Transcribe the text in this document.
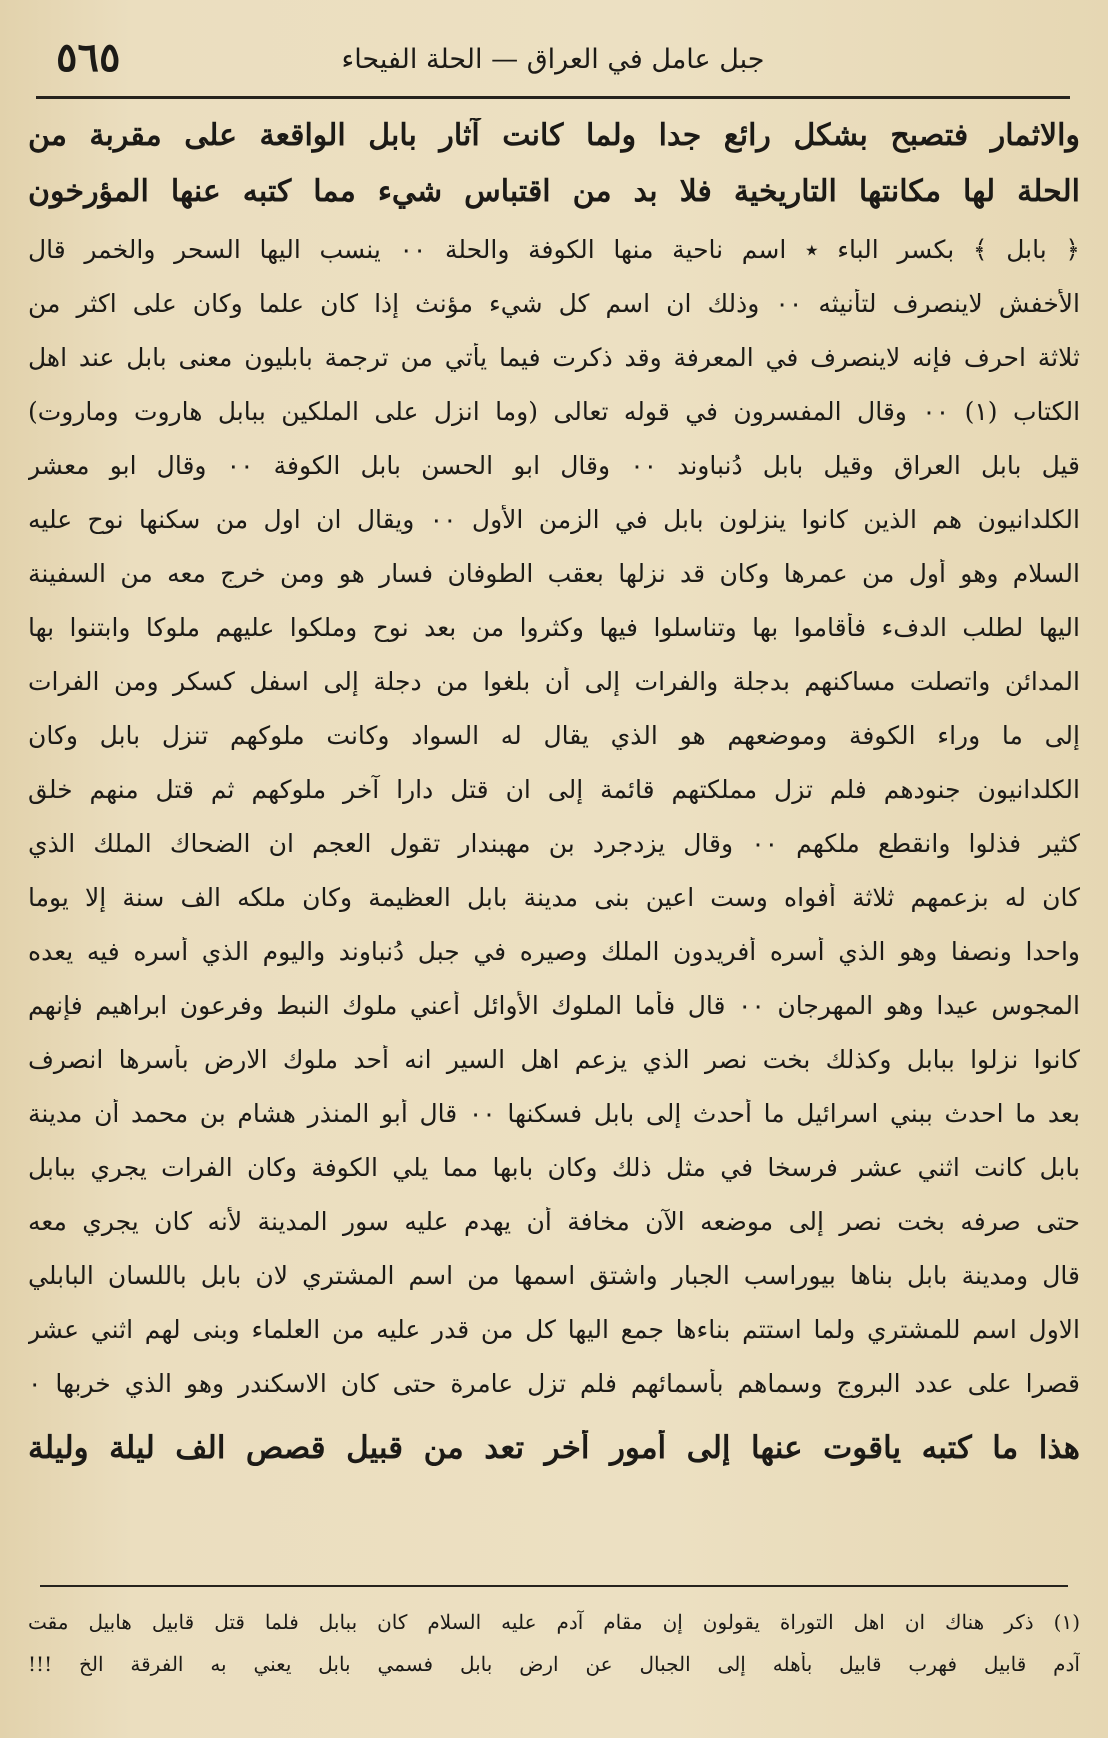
جبل عامل في العراق — الحلة الفيحاء
٥٦٥
والاثمار فتصبح بشكل رائع جدا ولما كانت آثار بابل الواقعة على مقربة من
الحلة لها مكانتها التاريخية فلا بد من اقتباس شيء مما كتبه عنها المؤرخون
﴿ بابل ﴾ بكسر الباء ٭ اسم ناحية منها الكوفة والحلة ٠٠ ينسب اليها السحر والخمر قال
الأخفش لاينصرف لتأنيثه ٠٠ وذلك ان اسم كل شيء مؤنث إذا كان علما وكان على اكثر من
ثلاثة احرف فإنه لاينصرف في المعرفة وقد ذكرت فيما يأتي من ترجمة بابليون معنى بابل عند اهل
الكتاب (١) ٠٠ وقال المفسرون في قوله تعالى (وما انزل على الملكين ببابل هاروت وماروت)
قيل بابل العراق وقيل بابل دُنباوند ٠٠ وقال ابو الحسن بابل الكوفة ٠٠ وقال ابو معشر
الكلدانيون هم الذين كانوا ينزلون بابل في الزمن الأول ٠٠ ويقال ان اول من سكنها نوح عليه
السلام وهو أول من عمرها وكان قد نزلها بعقب الطوفان فسار هو ومن خرج معه من السفينة
اليها لطلب الدفء فأقاموا بها وتناسلوا فيها وكثروا من بعد نوح وملكوا عليهم ملوكا وابتنوا بها
المدائن واتصلت مساكنهم بدجلة والفرات إلى أن بلغوا من دجلة إلى اسفل كسكر ومن الفرات
إلى ما وراء الكوفة وموضعهم هو الذي يقال له السواد وكانت ملوكهم تنزل بابل وكان
الكلدانيون جنودهم فلم تزل مملكتهم قائمة إلى ان قتل دارا آخر ملوكهم ثم قتل منهم خلق
كثير فذلوا وانقطع ملكهم ٠٠ وقال يزدجرد بن مهبندار تقول العجم ان الضحاك الملك الذي
كان له بزعمهم ثلاثة أفواه وست اعين بنى مدينة بابل العظيمة وكان ملكه الف سنة إلا يوما
واحدا ونصفا وهو الذي أسره أفريدون الملك وصيره في جبل دُنباوند واليوم الذي أسره فيه يعده
المجوس عيدا وهو المهرجان ٠٠ قال فأما الملوك الأوائل أعني ملوك النبط وفرعون ابراهيم فإنهم
كانوا نزلوا ببابل وكذلك بخت نصر الذي يزعم اهل السير انه أحد ملوك الارض بأسرها انصرف
بعد ما احدث ببني اسرائيل ما أحدث إلى بابل فسكنها ٠٠ قال أبو المنذر هشام بن محمد أن مدينة
بابل كانت اثني عشر فرسخا في مثل ذلك وكان بابها مما يلي الكوفة وكان الفرات يجري ببابل
حتى صرفه بخت نصر إلى موضعه الآن مخافة أن يهدم عليه سور المدينة لأنه كان يجري معه
قال ومدينة بابل بناها بيوراسب الجبار واشتق اسمها من اسم المشتري لان بابل باللسان البابلي
الاول اسم للمشتري ولما استتم بناءها جمع اليها كل من قدر عليه من العلماء وبنى لهم اثني عشر
قصرا على عدد البروج وسماهم بأسمائهم فلم تزل عامرة حتى كان الاسكندر وهو الذي خربها ٠
هذا ما كتبه ياقوت عنها إلى أمور أخر تعد من قبيل قصص الف ليلة وليلة
(١) ذكر هناك ان اهل التوراة يقولون إن مقام آدم عليه السلام كان ببابل فلما قتل قابيل هابيل مقت
آدم قابيل فهرب قابيل بأهله إلى الجبال عن ارض بابل فسمي بابل يعني به الفرقة الخ !!!
